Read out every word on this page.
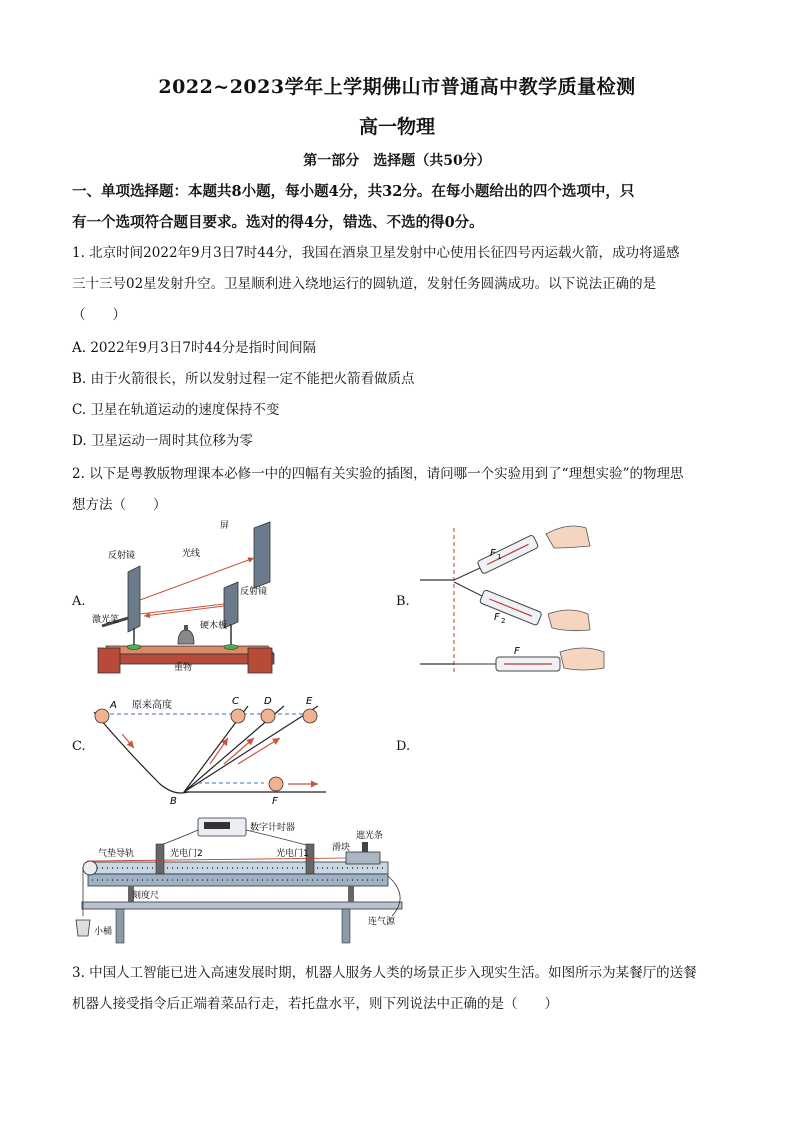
2022~2023学年上学期佛山市普通高中教学质量检测
高一物理
第一部分　选择题（共50分）
一、单项选择题：本题共8小题，每小题4分，共32分。在每小题给出的四个选项中，只
有一个选项符合题目要求。选对的得4分，错选、不选的得0分。
1. 北京时间2022年9月3日7时44分，我国在酒泉卫星发射中心使用长征四号丙运载火箭，成功将遥感
三十三号02星发射升空。卫星顺利进入绕地运行的圆轨道，发射任务圆满成功。以下说法正确的是
（　　）
A. 2022年9月3日7时44分是指时间间隔
B. 由于火箭很长，所以发射过程一定不能把火箭看做质点
C. 卫星在轨道运动的速度保持不变
D. 卫星运动一周时其位移为零
2. 以下是粤教版物理课本必修一中的四幅有关实验的插图，请问哪一个实验用到了“理想实验”的物理思
想方法（　　）
A.	B.
C.	D.
屏
反射镜	光线
反射镜
激光笔
硬木板
重物
F 1
F 2
F
A 原来高度	C	D	E
B	F
数字计时器
遮光条
气垫导轨	光电门2	光电门1
滑块
刻度尺
小桶
连气源
3. 中国人工智能已进入高速发展时期，机器人服务人类的场景正步入现实生活。如图所示为某餐厅的送餐
机器人接受指令后正端着菜品行走，若托盘水平，则下列说法中正确的是（　　）
